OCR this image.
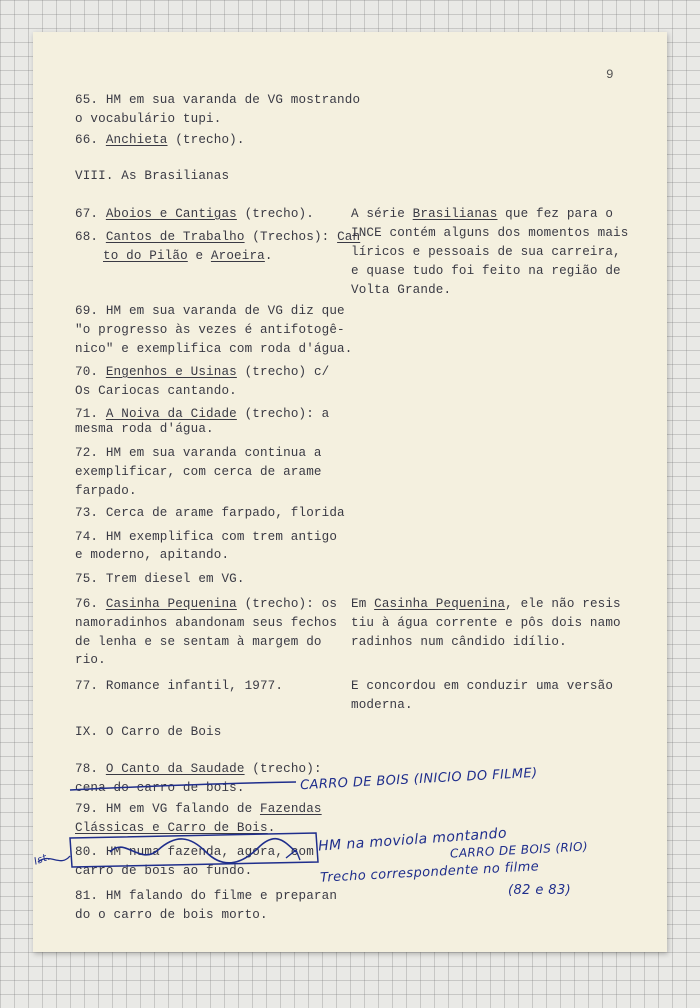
9
65. HM em sua varanda de VG mostrando
o vocabulário tupi.
66. Anchieta (trecho).
VIII. As Brasilianas
67. Aboios e Cantigas (trecho).
68. Cantos de Trabalho (Trechos): Can
to do Pilão e Aroeira.
A série Brasilianas que fez para o
INCE contém alguns dos momentos mais
líricos e pessoais de sua carreira,
e quase tudo foi feito na região de
Volta Grande.
69. HM em sua varanda de VG diz que
"o progresso às vezes é antifotogê-
nico" e exemplifica com roda d'água.
70. Engenhos e Usinas (trecho) c/
Os Cariocas cantando.
71. A Noiva da Cidade (trecho): a
mesma roda d'água.
72. HM em sua varanda continua a
exemplificar, com cerca de arame
farpado.
73. Cerca de arame farpado, florida
74. HM exemplifica com trem antigo
e moderno, apitando.
75. Trem diesel em VG.
76. Casinha Pequenina (trecho): os
namoradinhos abandonam seus fechos
de lenha e se sentam à margem do
rio.
Em Casinha Pequenina, ele não resis
tiu à água corrente e pôs dois namo
radinhos num cândido idílio.
77. Romance infantil, 1977.	E concordou em conduzir uma versão
moderna.
IX. O Carro de Bois
78. O Canto da Saudade (trecho):
cena do carro de bois.
79. HM em VG falando de Fazendas
Clássicas e Carro de Bois.
80. HM numa fazenda, agora, com
carro de bois ao fundo.
81. HM falando do filme e preparan
do o carro de bois morto.
CARRO DE BOIS (INICIO DO FILME)
HM na moviola montando
CARRO DE BOIS (RIO)
Trecho correspondente no filme
(82 e 83)
Ist.
